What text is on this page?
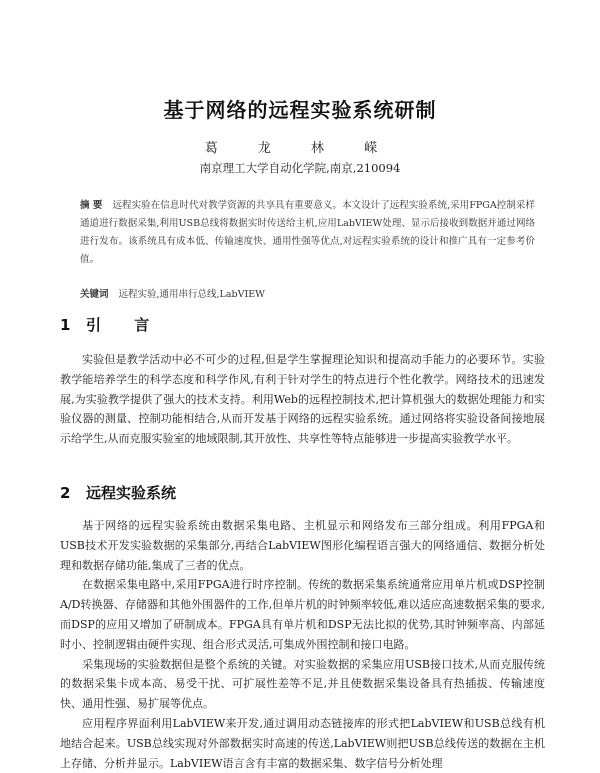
基于网络的远程实验系统研制
葛 龙 林 嵘
南京理工大学自动化学院,南京,210094
摘 要 远程实验在信息时代对教学资源的共享具有重要意义。本文设计了远程实验系统,采用FPGA控制采样通道进行数据采集,利用USB总线将数据实时传送给主机,应用LabVIEW处理、显示后接收到数据并通过网络进行发布。该系统具有成本低、传输速度快、通用性强等优点,对远程实验系统的设计和推广具有一定参考价值。
关键词 远程实验,通用串行总线,LabVIEW
1 引 言

实验但是教学活动中必不可少的过程,但是学生掌握理论知识和提高动手能力的必要环节。实验教学能培养学生的科学态度和科学作风,有利于针对学生的特点进行个性化教学。网络技术的迅速发展,为实验教学提供了强大的技术支持。利用Web的远程控制技术,把计算机强大的数据处理能力和实验仪器的测量、控制功能相结合,从而开发基于网络的远程实验系统。通过网络将实验设备间接地展示给学生,从而克服实验室的地域限制,其开放性、共享性等特点能够进一步提高实验教学水平。

2 远程实验系统

基于网络的远程实验系统由数据采集电路、主机显示和网络发布三部分组成。利用FPGA和USB技术开发实验数据的采集部分,再结合LabVIEW图形化编程语言强大的网络通信、数据分析处理和数据存储功能,集成了三者的优点。

在数据采集电路中,采用FPGA进行时序控制。传统的数据采集系统通常应用单片机或DSP控制A/D转换器、存储器和其他外围器件的工作,但单片机的时钟频率较低,难以适应高速数据采集的要求,而DSP的应用又增加了研制成本。FPGA具有单片机和DSP无法比拟的优势,其时钟频率高、内部延时小、控制逻辑由硬件实现、组合形式灵活,可集成外围控制和接口电路。

采集现场的实验数据但是整个系统的关键。对实验数据的采集应用USB接口技术,从而克服传统的数据采集卡成本高、易受干扰、可扩展性差等不足,并且使数据采集设备具有热插拔、传输速度快、通用性强、易扩展等优点。

应用程序界面利用LabVIEW来开发,通过调用动态链接库的形式把LabVIEW和USB总线有机地结合起来。USB总线实现对外部数据实时高速的传送,LabVIEW则把USB总线传送的数据在主机上存储、分析并显示。LabVIEW语言含有丰富的数据采集、数字信号分析处理
